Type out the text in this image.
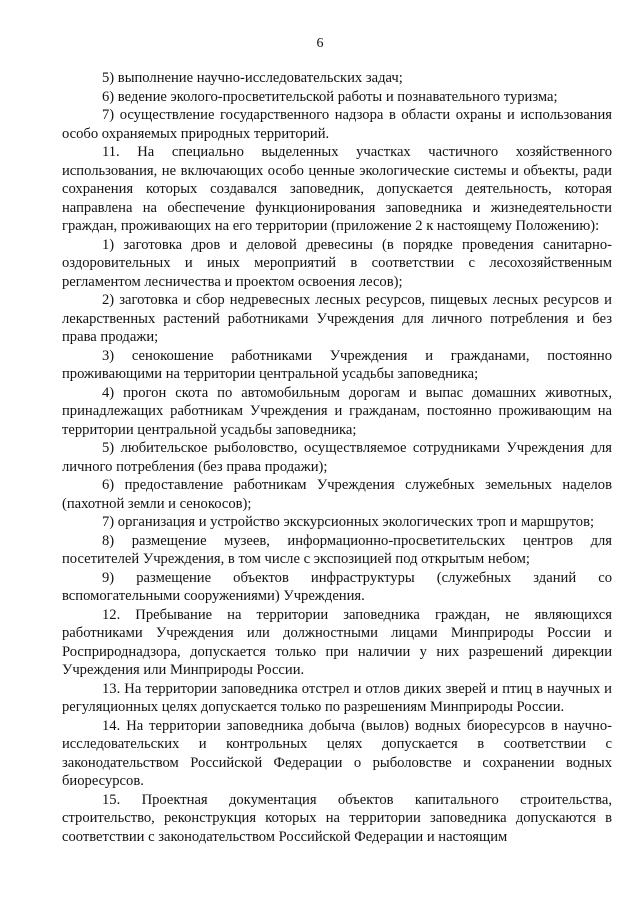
6

5) выполнение научно-исследовательских задач;

6) ведение эколого-просветительской работы и познавательного туризма;

7) осуществление государственного надзора в области охраны и использования особо охраняемых природных территорий.

11. На специально выделенных участках частичного хозяйственного использования, не включающих особо ценные экологические системы и объекты, ради сохранения которых создавался заповедник, допускается деятельность, которая направлена на обеспечение функционирования заповедника и жизнедеятельности граждан, проживающих на его территории (приложение 2 к настоящему Положению):

1) заготовка дров и деловой древесины (в порядке проведения санитарно-оздоровительных и иных мероприятий в соответствии с лесохозяйственным регламентом лесничества и проектом освоения лесов);

2) заготовка и сбор недревесных лесных ресурсов, пищевых лесных ресурсов и лекарственных растений работниками Учреждения для личного потребления и без права продажи;

3) сенокошение работниками Учреждения и гражданами, постоянно проживающими на территории центральной усадьбы заповедника;

4) прогон скота по автомобильным дорогам и выпас домашних животных, принадлежащих работникам Учреждения и гражданам, постоянно проживающим на территории центральной усадьбы заповедника;

5) любительское рыболовство, осуществляемое сотрудниками Учреждения для личного потребления (без права продажи);

6) предоставление работникам Учреждения служебных земельных наделов (пахотной земли и сенокосов);

7) организация и устройство экскурсионных экологических троп и маршрутов;

8) размещение музеев, информационно-просветительских центров для посетителей Учреждения, в том числе с экспозицией под открытым небом;

9) размещение объектов инфраструктуры (служебных зданий со вспомогательными сооружениями) Учреждения.

12. Пребывание на территории заповедника граждан, не являющихся работниками Учреждения или должностными лицами Минприроды России и Росприроднадзора, допускается только при наличии у них разрешений дирекции Учреждения или Минприроды России.

13. На территории заповедника отстрел и отлов диких зверей и птиц в научных и регуляционных целях допускается только по разрешениям Минприроды России.

14. На территории заповедника добыча (вылов) водных биоресурсов в научно-исследовательских и контрольных целях допускается в соответствии с законодательством Российской Федерации о рыболовстве и сохранении водных биоресурсов.

15. Проектная документация объектов капитального строительства, строительство, реконструкция которых на территории заповедника допускаются в соответствии с законодательством Российской Федерации и настоящим
